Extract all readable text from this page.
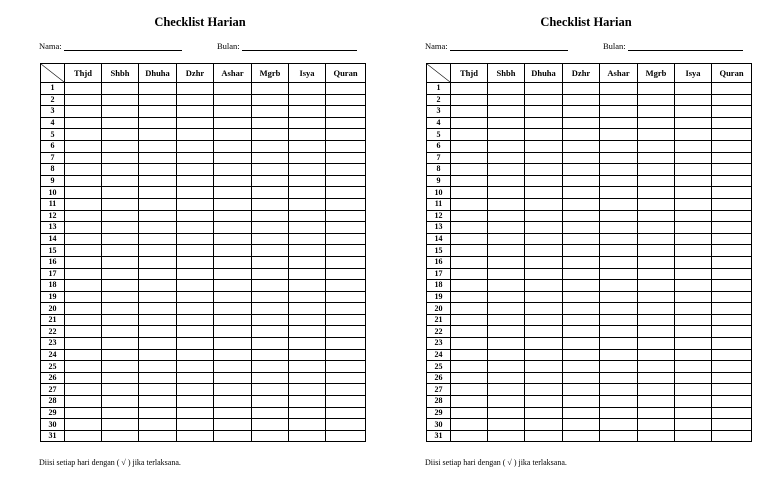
Checklist Harian
Nama:	Bulan:
	Thjd	Shbh	Dhuha	Dzhr	Ashar	Mgrb	Isya	Quran
1								
2								
3								
4								
5								
6								
7								
8								
9								
10								
11								
12								
13								
14								
15								
16								
17								
18								
19								
20								
21								
22								
23								
24								
25								
26								
27								
28								
29								
30								
31								
Diisi setiap hari dengan ( √ ) jika terlaksana.
Checklist Harian
Nama:	Bulan:
	Thjd	Shbh	Dhuha	Dzhr	Ashar	Mgrb	Isya	Quran
1								
2								
3								
4								
5								
6								
7								
8								
9								
10								
11								
12								
13								
14								
15								
16								
17								
18								
19								
20								
21								
22								
23								
24								
25								
26								
27								
28								
29								
30								
31								
Diisi setiap hari dengan ( √ ) jika terlaksana.
